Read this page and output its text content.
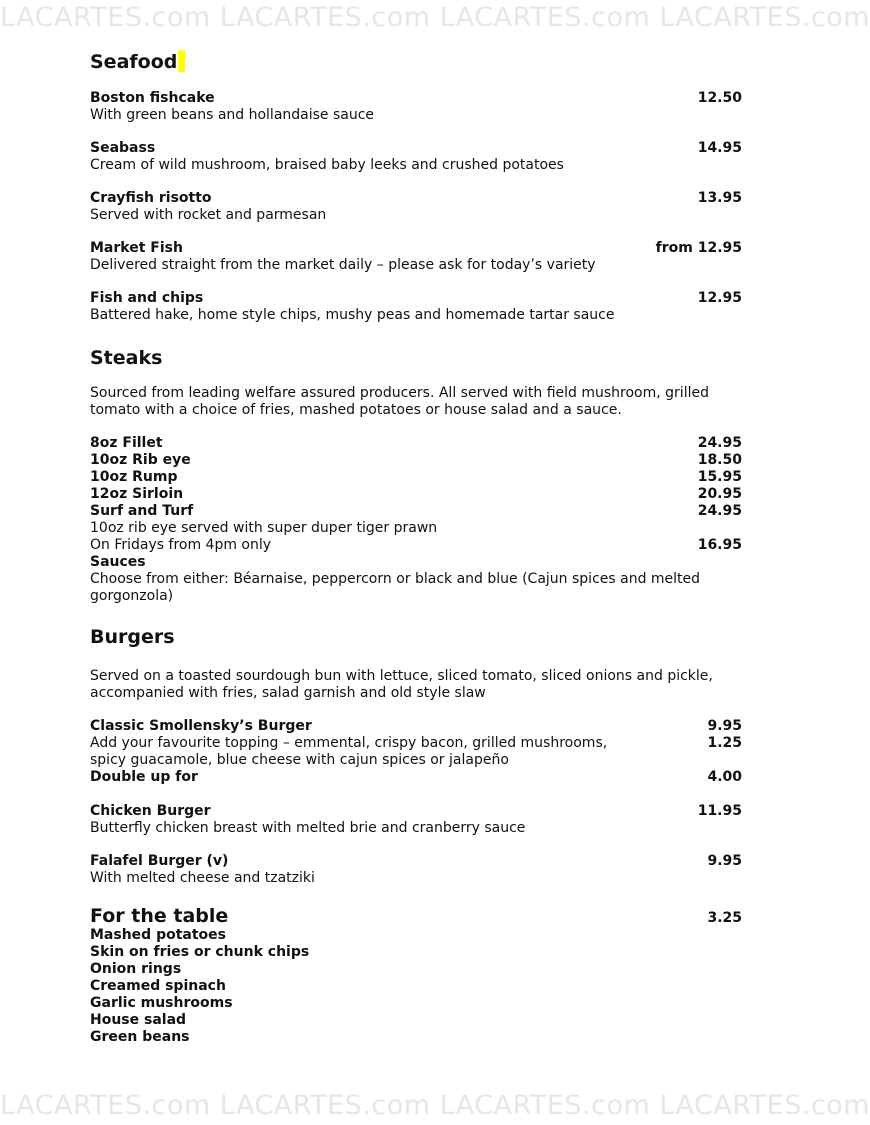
LACARTES.com LACARTES.com LACARTES.com LACARTES.com
LACARTES.com LACARTES.com LACARTES.com LACARTES.com
Seafood
Boston fishcake	12.50
With green beans and hollandaise sauce
Seabass	14.95
Cream of wild mushroom, braised baby leeks and crushed potatoes
Crayfish risotto	13.95
Served with rocket and parmesan
Market Fish	from 12.95
Delivered straight from the market daily – please ask for today’s variety
Fish and chips	12.95
Battered hake, home style chips, mushy peas and homemade tartar sauce
Steaks
Sourced from leading welfare assured producers. All served with field mushroom, grilled tomato with a choice of fries, mashed potatoes or house salad and a sauce.
8oz Fillet	24.95
10oz Rib eye	18.50
10oz Rump	15.95
12oz Sirloin	20.95
Surf and Turf	24.95
10oz rib eye served with super duper tiger prawn
On Fridays from 4pm only	16.95
Sauces
Choose from either: Béarnaise, peppercorn or black and blue (Cajun spices and melted gorgonzola)
Burgers
Served on a toasted sourdough bun with lettuce, sliced tomato, sliced onions and pickle, accompanied with fries, salad garnish and old style slaw
Classic Smollensky’s Burger	9.95
Add your favourite topping – emmental, crispy bacon, grilled mushrooms, spicy guacamole, blue cheese with cajun spices or jalapeño
1.25
Double up for	4.00
Chicken Burger	11.95
Butterfly chicken breast with melted brie and cranberry sauce
Falafel Burger (v)	9.95
With melted cheese and tzatziki
For the table	3.25
Mashed potatoes
Skin on fries or chunk chips
Onion rings
Creamed spinach
Garlic mushrooms
House salad
Green beans
